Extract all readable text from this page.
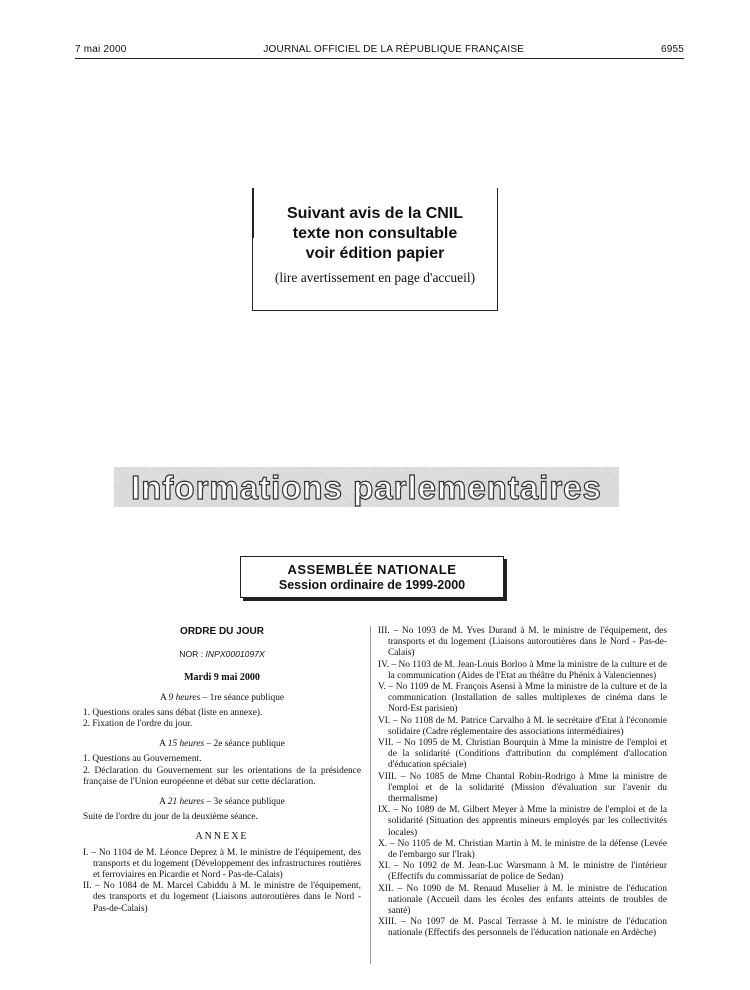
7 mai 2000	JOURNAL OFFICIEL DE LA RÉPUBLIQUE FRANÇAISE	6955
Suivant avis de la CNIL
texte non consultable
voir édition papier
(lire avertissement en page d'accueil)
Informations parlementaires
ASSEMBLÉE NATIONALE
Session ordinaire de 1999-2000
ORDRE DU JOUR
NOR : INPX0001097X
Mardi 9 mai 2000
A 9 heures – 1re séance publique
1. Questions orales sans débat (liste en annexe).
2. Fixation de l'ordre du jour.
A 15 heures – 2e séance publique
1. Questions au Gouvernement.
2. Déclaration du Gouvernement sur les orientations de la présidence française de l'Union européenne et débat sur cette déclaration.
A 21 heures – 3e séance publique
Suite de l'ordre du jour de la deuxième séance.
ANNEXE

I. – No 1104 de M. Léonce Deprez à M. le ministre de l'équipement, des transports et du logement (Développement des infrastructures routières et ferroviaires en Picardie et Nord - Pas-de-Calais)

II. – No 1084 de M. Marcel Cabiddu à M. le ministre de l'équipement, des transports et du logement (Liaisons autoroutières dans le Nord - Pas-de-Calais)

III. – No 1093 de M. Yves Durand à M. le ministre de l'équipement, des transports et du logement (Liaisons autoroutières dans le Nord - Pas-de-Calais)

IV. – No 1103 de M. Jean-Louis Borloo à Mme la ministre de la culture et de la communication (Aides de l'Etat au théâtre du Phénix à Valenciennes)

V. – No 1109 de M. François Asensi à Mme la ministre de la culture et de la communication (Installation de salles multiplexes de cinéma dans le Nord-Est parisien)

VI. – No 1108 de M. Patrice Carvalho à M. le secrétaire d'Etat à l'économie solidaire (Cadre réglementaire des associations intermédiaires)

VII. – No 1095 de M. Christian Bourquin à Mme la ministre de l'emploi et de la solidarité (Conditions d'attribution du complément d'allocation d'éducation spéciale)

VIII. – No 1085 de Mme Chantal Robin-Rodrigo à Mme la ministre de l'emploi et de la solidarité (Mission d'évaluation sur l'avenir du thermalisme)

IX. – No 1089 de M. Gilbert Meyer à Mme la ministre de l'emploi et de la solidarité (Situation des apprentis mineurs employés par les collectivités locales)

X. – No 1105 de M. Christian Martin à M. le ministre de la défense (Levée de l'embargo sur l'Irak)

XI. – No 1092 de M. Jean-Luc Warsmann à M. le ministre de l'intérieur (Effectifs du commissariat de police de Sedan)

XII. – No 1090 de M. Renaud Muselier à M. le ministre de l'éducation nationale (Accueil dans les écoles des enfants atteints de troubles de santé)

XIII. – No 1097 de M. Pascal Terrasse à M. le ministre de l'éducation nationale (Effectifs des personnels de l'éducation nationale en Ardèche)
